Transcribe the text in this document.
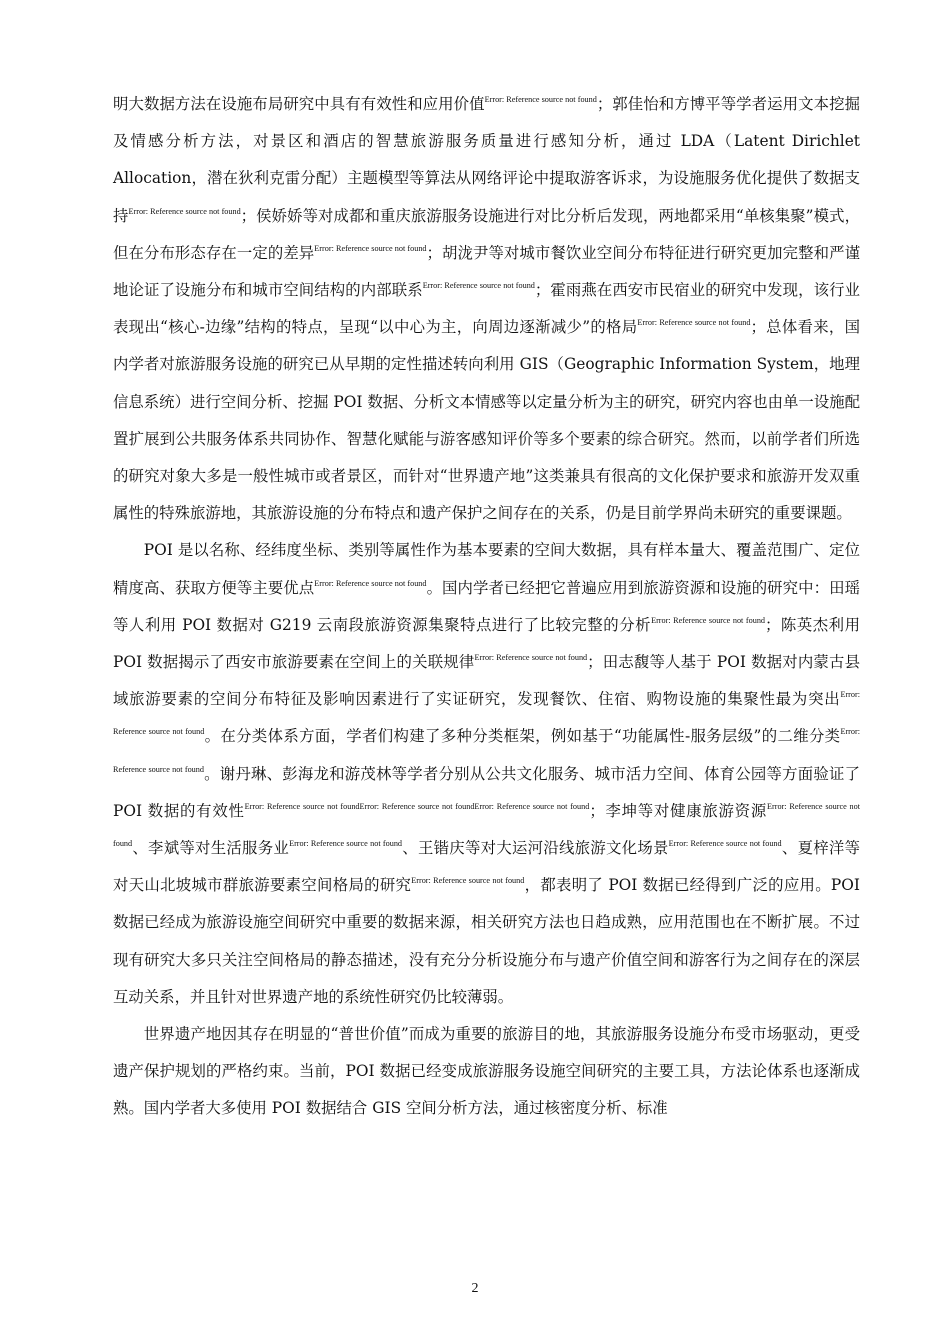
明大数据方法在设施布局研究中具有有效性和应用价值$^{Error: Reference source not found}$；郭佳怡和方博平等学者运用文本挖掘及情感分析方法，对景区和酒店的智慧旅游服务质量进行感知分析，通过 LDA（Latent Dirichlet Allocation，潜在狄利克雷分配）主题模型等算法从网络评论中提取游客诉求，为设施服务优化提供了数据支持$^{Error: Reference source not found}$；侯娇娇等对成都和重庆旅游服务设施进行对比分析后发现，两地都采用“单核集聚”模式，但在分布形态存在一定的差异$^{Error: Reference source not found}$；胡泷尹等对城市餐饮业空间分布特征进行研究更加完整和严谨地论证了设施分布和城市空间结构的内部联系$^{Error: Reference source not found}$；霍雨燕在西安市民宿业的研究中发现，该行业表现出“核心-边缘”结构的特点，呈现“以中心为主，向周边逐渐减少”的格局$^{Error: Reference source not found}$；总体看来，国内学者对旅游服务设施的研究已从早期的定性描述转向利用 GIS（Geographic Information System，地理信息系统）进行空间分析、挖掘 POI 数据、分析文本情感等以定量分析为主的研究，研究内容也由单一设施配置扩展到公共服务体系共同协作、智慧化赋能与游客感知评价等多个要素的综合研究。然而，以前学者们所选的研究对象大多是一般性城市或者景区，而针对“世界遗产地”这类兼具有很高的文化保护要求和旅游开发双重属性的特殊旅游地，其旅游设施的分布特点和遗产保护之间存在的关系，仍是目前学界尚未研究的重要课题。

POI 是以名称、经纬度坐标、类别等属性作为基本要素的空间大数据，具有样本量大、覆盖范围广、定位精度高、获取方便等主要优点$^{Error: Reference source not found}$。国内学者已经把它普遍应用到旅游资源和设施的研究中：田瑶等人利用 POI 数据对 G219 云南段旅游资源集聚特点进行了比较完整的分析$^{Error: Reference source not found}$；陈英杰利用 POI 数据揭示了西安市旅游要素在空间上的关联规律$^{Error: Reference source not found}$；田志馥等人基于 POI 数据对内蒙古县域旅游要素的空间分布特征及影响因素进行了实证研究，发现餐饮、住宿、购物设施的集聚性最为突出$^{Error: Reference source not found}$。在分类体系方面，学者们构建了多种分类框架，例如基于“功能属性-服务层级”的二维分类$^{Error: Reference source not found}$。谢丹琳、彭海龙和游茂林等学者分别从公共文化服务、城市活力空间、体育公园等方面验证了 POI 数据的有效性$^{Error: Reference source not foundError: Reference source not foundError: Reference source not found}$；李坤等对健康旅游资源$^{Error: Reference source not found}$、李斌等对生活服务业$^{Error: Reference source not found}$、王锴庆等对大运河沿线旅游文化场景$^{Error: Reference source not found}$、夏梓洋等对天山北坡城市群旅游要素空间格局的研究$^{Error: Reference source not found}$，都表明了 POI 数据已经得到广泛的应用。POI 数据已经成为旅游设施空间研究中重要的数据来源，相关研究方法也日趋成熟，应用范围也在不断扩展。不过现有研究大多只关注空间格局的静态描述，没有充分分析设施分布与遗产价值空间和游客行为之间存在的深层互动关系，并且针对世界遗产地的系统性研究仍比较薄弱。

世界遗产地因其存在明显的“普世价值”而成为重要的旅游目的地，其旅游服务设施分布受市场驱动，更受遗产保护规划的严格约束。当前，POI 数据已经变成旅游服务设施空间研究的主要工具，方法论体系也逐渐成熟。国内学者大多使用 POI 数据结合 GIS 空间分析方法，通过核密度分析、标准

2
